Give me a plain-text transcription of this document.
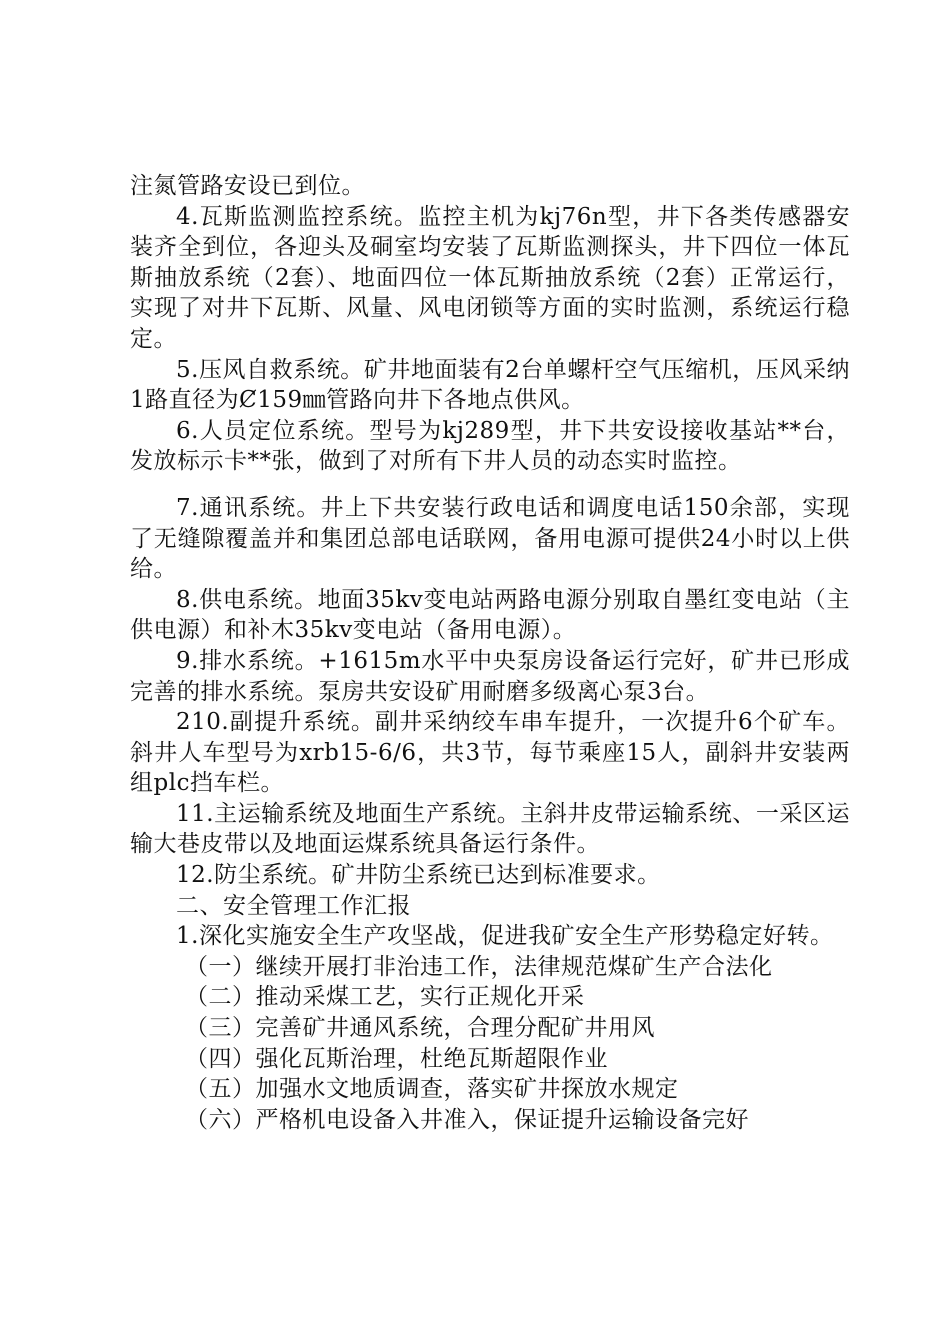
注氮管路安设已到位。

4.瓦斯监测监控系统。监控主机为kj76n型，井下各类传感器安装齐全到位，各迎头及硐室均安装了瓦斯监测探头，井下四位一体瓦斯抽放系统（2套）、地面四位一体瓦斯抽放系统（2套）正常运行，实现了对井下瓦斯、风量、风电闭锁等方面的实时监测，系统运行稳定。

5.压风自救系统。矿井地面装有2台单螺杆空气压缩机，压风采纳1路直径为Ȼ159㎜管路向井下各地点供风。

6.人员定位系统。型号为kj289型，井下共安设接收基站**台，发放标示卡**张，做到了对所有下井人员的动态实时监控。

7.通讯系统。井上下共安装行政电话和调度电话150余部，实现了无缝隙覆盖并和集团总部电话联网，备用电源可提供24小时以上供给。

8.供电系统。地面35kv变电站两路电源分别取自墨红变电站（主供电源）和补木35kv变电站（备用电源）。

9.排水系统。+1615m水平中央泵房设备运行完好，矿井已形成完善的排水系统。泵房共安设矿用耐磨多级离心泵3台。

210.副提升系统。副井采纳绞车串车提升，一次提升6个矿车。斜井人车型号为xrb15-6/6，共3节，每节乘座15人，副斜井安装两组plc挡车栏。

11.主运输系统及地面生产系统。主斜井皮带运输系统、一采区运输大巷皮带以及地面运煤系统具备运行条件。

12.防尘系统。矿井防尘系统已达到标准要求。

二、安全管理工作汇报

1.深化实施安全生产攻坚战，促进我矿安全生产形势稳定好转。

（一）继续开展打非治违工作，法律规范煤矿生产合法化

（二）推动采煤工艺，实行正规化开采

（三）完善矿井通风系统，合理分配矿井用风

（四）强化瓦斯治理，杜绝瓦斯超限作业

（五）加强水文地质调查，落实矿井探放水规定

（六）严格机电设备入井准入，保证提升运输设备完好
